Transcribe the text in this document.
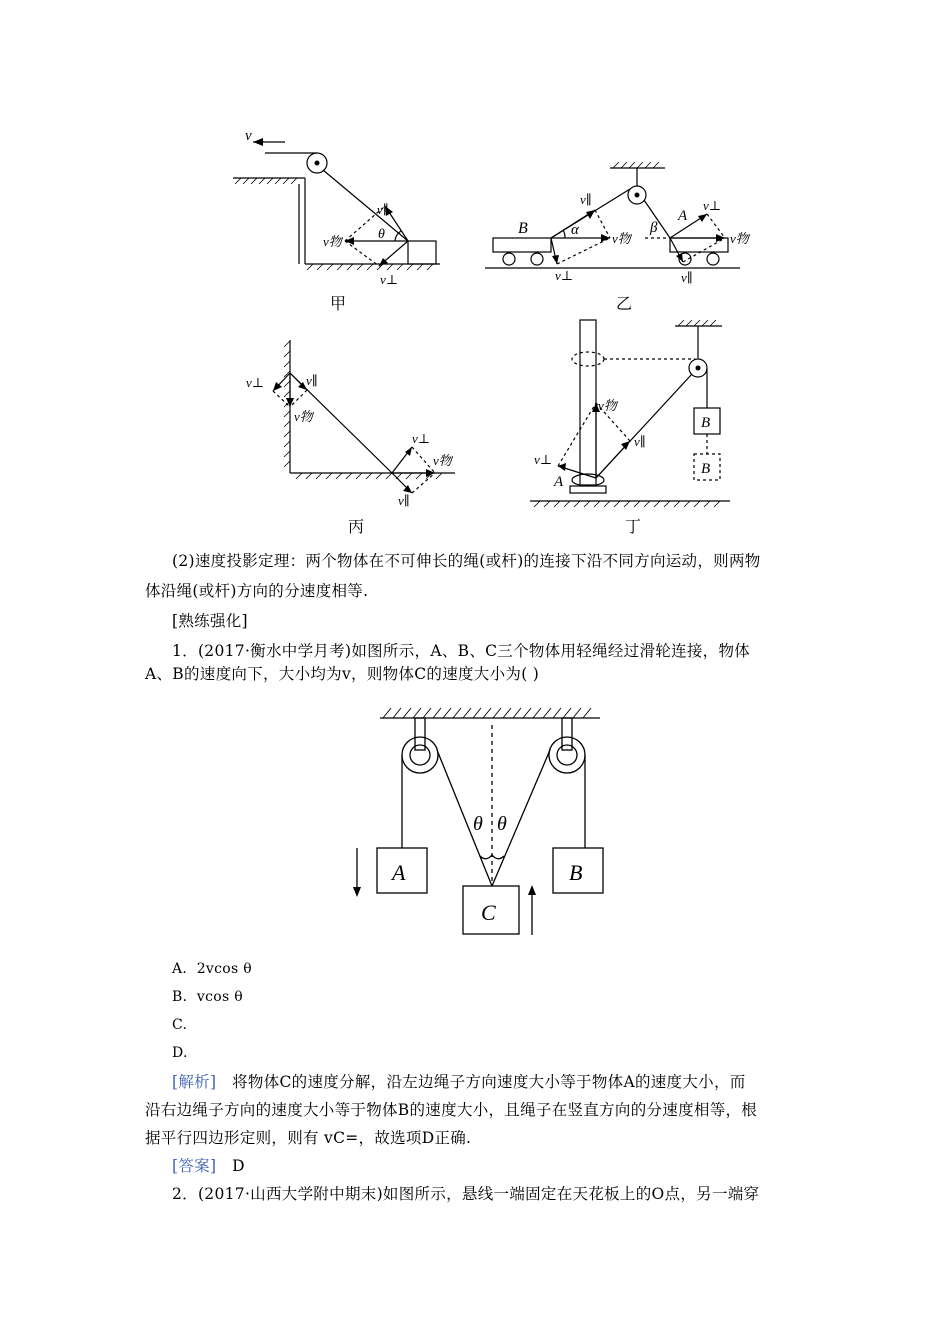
v
v∥
θ
v物
v⊥
甲
B
A
α	β
v∥
v物
v⊥
v⊥
v物
v∥
乙
v⊥	v∥
v物
v⊥
v物
v∥
丙
v物
v∥
v⊥
A
B
B
丁
(2)速度投影定理：两个物体在不可伸长的绳(或杆)的连接下沿不同方向运动，则两物
体沿绳(或杆)方向的分速度相等.
[熟练强化]
1．(2017·衡水中学月考)如图所示，A、B、C三个物体用轻绳经过滑轮连接，物体
A、B的速度向下，大小均为v，则物体C的速度大小为( )
A	B
C
θ θ
A．2vcos θ
B．vcos θ
C.
D.
[解析]　将物体C的速度分解，沿左边绳子方向速度大小等于物体A的速度大小，而
沿右边绳子方向的速度大小等于物体B的速度大小，且绳子在竖直方向的分速度相等，根
据平行四边形定则，则有 vC=，故选项D正确.
[答案]　D
2．(2017·山西大学附中期末)如图所示，悬线一端固定在天花板上的O点，另一端穿
